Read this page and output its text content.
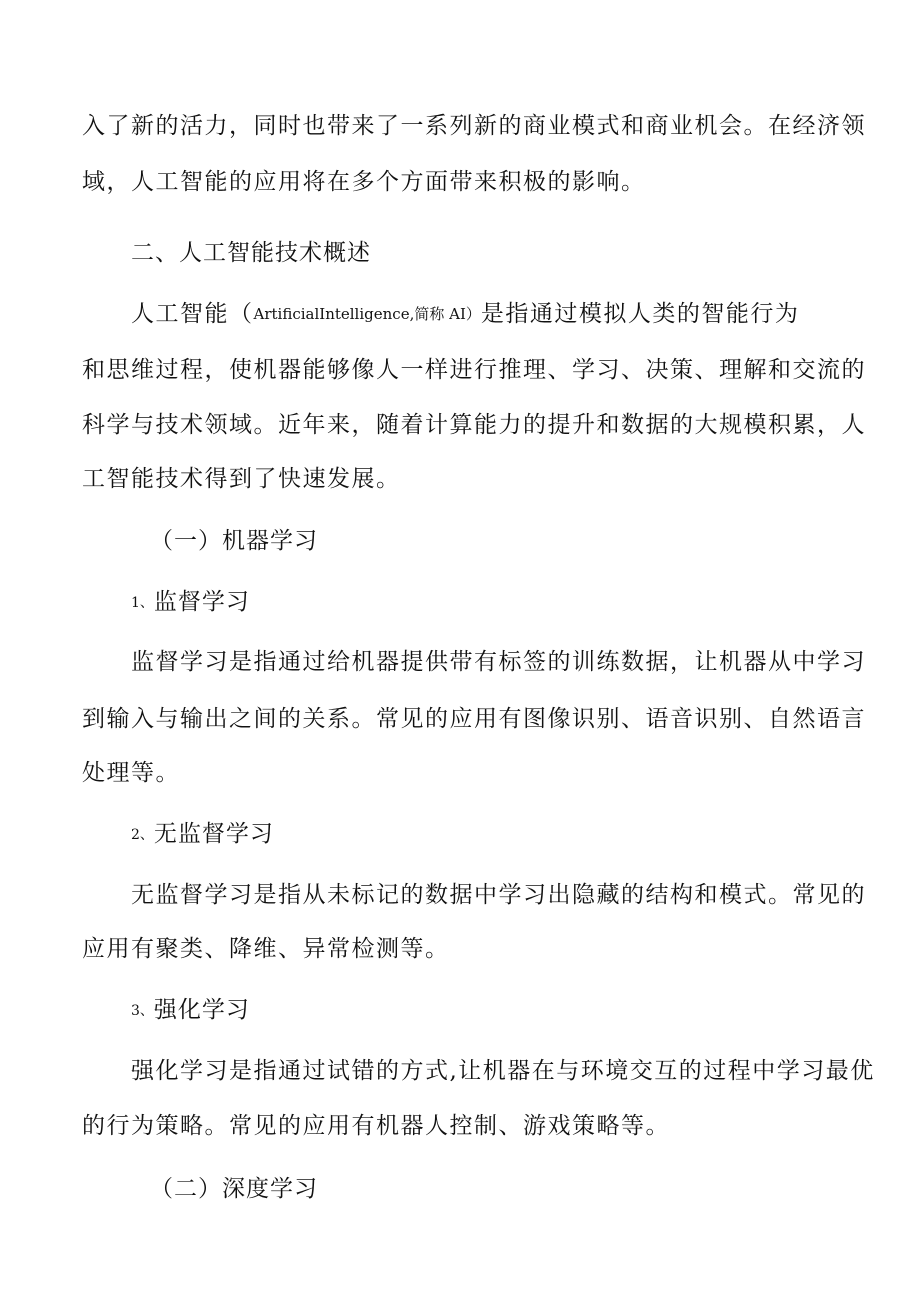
入了新的活力，同时也带来了一系列新的商业模式和商业机会。在经济领

域，人工智能的应用将在多个方面带来积极的影响。

二、人工智能技术概述

人工智能（ArtificialIntelligence,简称 AI）是指通过模拟人类的智能行为

和思维过程，使机器能够像人一样进行推理、学习、决策、理解和交流的

科学与技术领域。近年来，随着计算能力的提升和数据的大规模积累，人

工智能技术得到了快速发展。

（一）机器学习

1、监督学习

监督学习是指通过给机器提供带有标签的训练数据，让机器从中学习

到输入与输出之间的关系。常见的应用有图像识别、语音识别、自然语言

处理等。

2、无监督学习

无监督学习是指从未标记的数据中学习出隐藏的结构和模式。常见的

应用有聚类、降维、异常检测等。

3、强化学习

强化学习是指通过试错的方式,让机器在与环境交互的过程中学习最优

的行为策略。常见的应用有机器人控制、游戏策略等。

（二）深度学习
